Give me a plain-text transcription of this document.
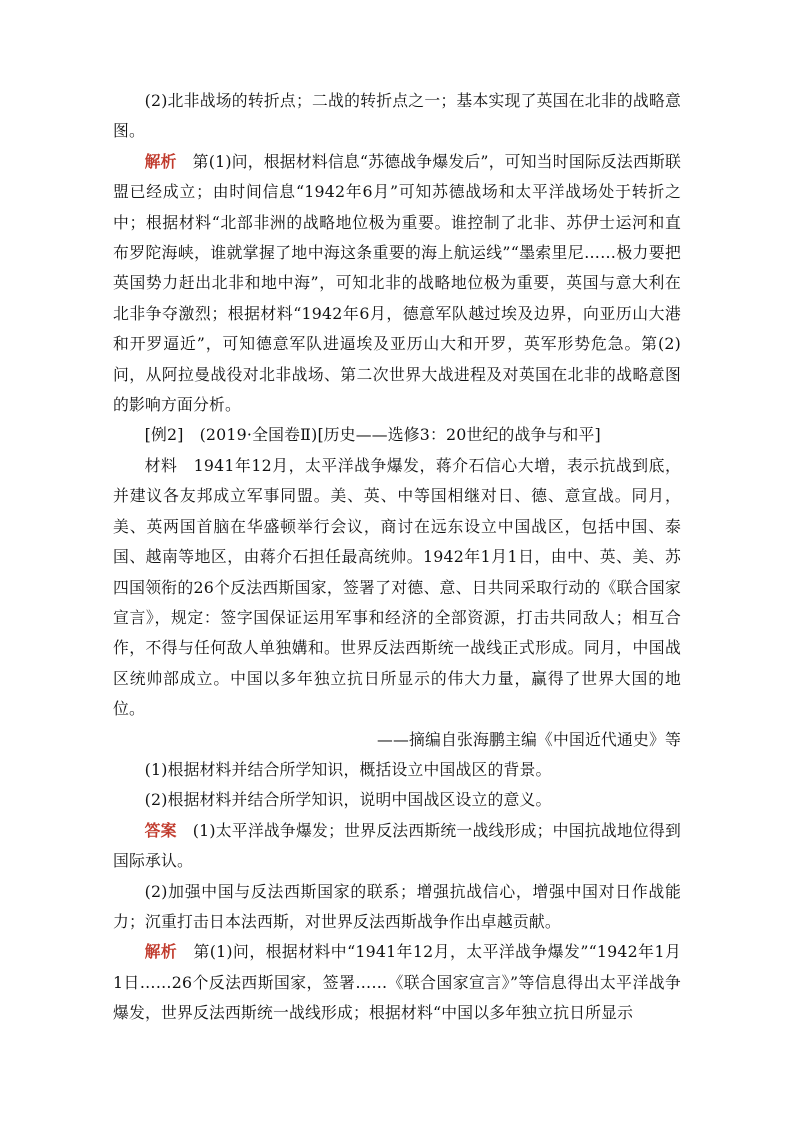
(2)北非战场的转折点；二战的转折点之一；基本实现了英国在北非的战略意图。

解析　第(1)问，根据材料信息“苏德战争爆发后”，可知当时国际反法西斯联盟已经成立；由时间信息“1942年6月”可知苏德战场和太平洋战场处于转折之中；根据材料“北部非洲的战略地位极为重要。谁控制了北非、苏伊士运河和直布罗陀海峡，谁就掌握了地中海这条重要的海上航运线”“墨索里尼……极力要把英国势力赶出北非和地中海”，可知北非的战略地位极为重要，英国与意大利在北非争夺激烈；根据材料“1942年6月，德意军队越过埃及边界，向亚历山大港和开罗逼近”，可知德意军队进逼埃及亚历山大和开罗，英军形势危急。第(2)问，从阿拉曼战役对北非战场、第二次世界大战进程及对英国在北非的战略意图的影响方面分析。

[例2]　(2019·全国卷Ⅱ)[历史——选修3：20世纪的战争与和平]

材料　1941年12月，太平洋战争爆发，蒋介石信心大增，表示抗战到底，并建议各友邦成立军事同盟。美、英、中等国相继对日、德、意宣战。同月，美、英两国首脑在华盛顿举行会议，商讨在远东设立中国战区，包括中国、泰国、越南等地区，由蒋介石担任最高统帅。1942年1月1日，由中、英、美、苏四国领衔的26个反法西斯国家，签署了对德、意、日共同采取行动的《联合国家宣言》，规定：签字国保证运用军事和经济的全部资源，打击共同敌人；相互合作，不得与任何敌人单独媾和。世界反法西斯统一战线正式形成。同月，中国战区统帅部成立。中国以多年独立抗日所显示的伟大力量，赢得了世界大国的地位。

——摘编自张海鹏主编《中国近代通史》等

(1)根据材料并结合所学知识，概括设立中国战区的背景。

(2)根据材料并结合所学知识，说明中国战区设立的意义。

答案　(1)太平洋战争爆发；世界反法西斯统一战线形成；中国抗战地位得到国际承认。

(2)加强中国与反法西斯国家的联系；增强抗战信心，增强中国对日作战能力；沉重打击日本法西斯，对世界反法西斯战争作出卓越贡献。

解析　第(1)问，根据材料中“1941年12月，太平洋战争爆发”“1942年1月1日……26个反法西斯国家，签署……《联合国家宣言》”等信息得出太平洋战争爆发，世界反法西斯统一战线形成；根据材料“中国以多年独立抗日所显示
